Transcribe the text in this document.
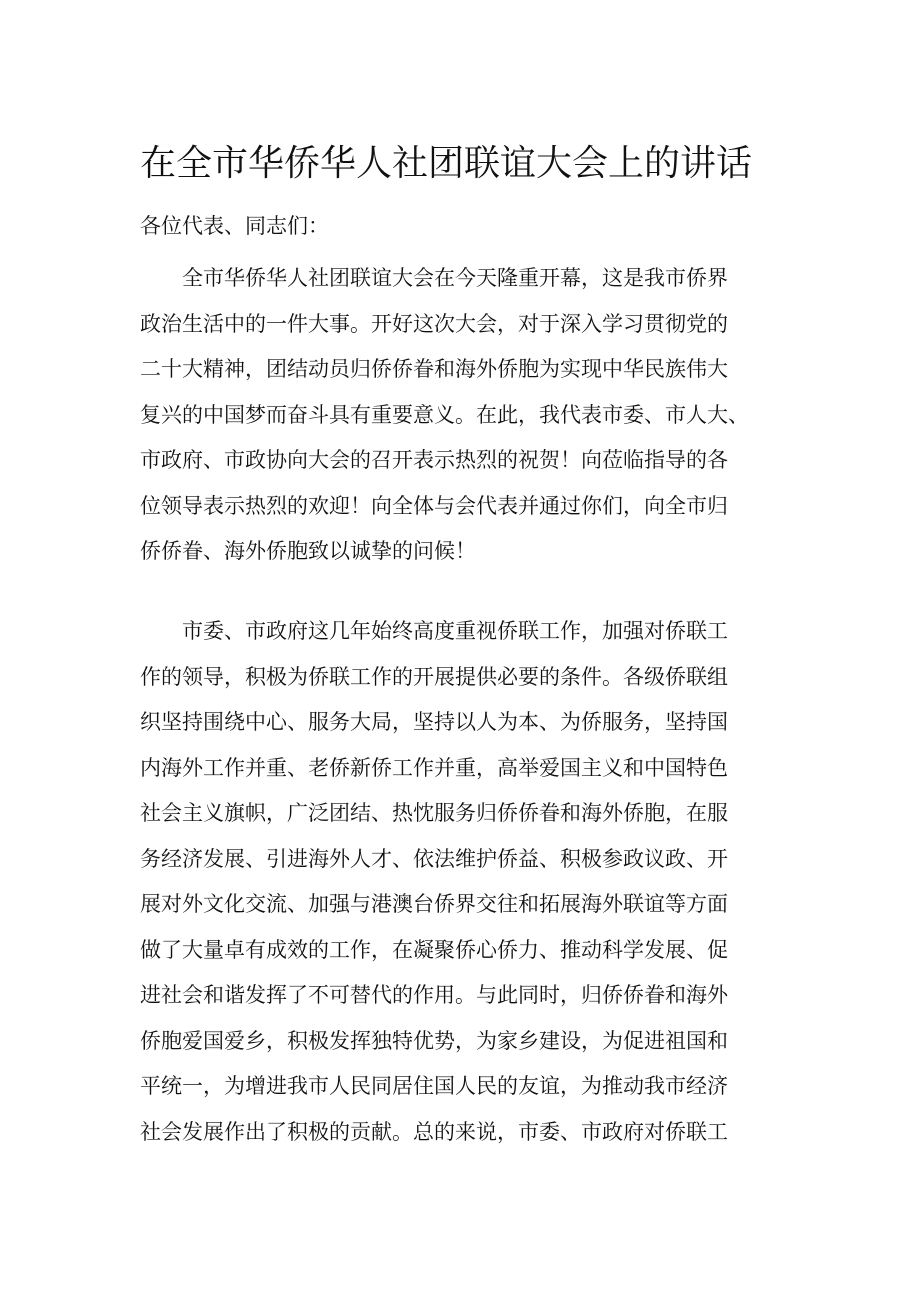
在全市华侨华人社团联谊大会上的讲话

各位代表、同志们：

全市华侨华人社团联谊大会在今天隆重开幕，这是我市侨界
政治生活中的一件大事。开好这次大会，对于深入学习贯彻党的
二十大精神，团结动员归侨侨眷和海外侨胞为实现中华民族伟大
复兴的中国梦而奋斗具有重要意义。在此，我代表市委、市人大、
市政府、市政协向大会的召开表示热烈的祝贺！向莅临指导的各
位领导表示热烈的欢迎！向全体与会代表并通过你们，向全市归
侨侨眷、海外侨胞致以诚挚的问候！
市委、市政府这几年始终高度重视侨联工作，加强对侨联工
作的领导，积极为侨联工作的开展提供必要的条件。各级侨联组
织坚持围绕中心、服务大局，坚持以人为本、为侨服务，坚持国
内海外工作并重、老侨新侨工作并重，高举爱国主义和中国特色
社会主义旗帜，广泛团结、热忱服务归侨侨眷和海外侨胞，在服
务经济发展、引进海外人才、依法维护侨益、积极参政议政、开
展对外文化交流、加强与港澳台侨界交往和拓展海外联谊等方面
做了大量卓有成效的工作，在凝聚侨心侨力、推动科学发展、促
进社会和谐发挥了不可替代的作用。与此同时，归侨侨眷和海外
侨胞爱国爱乡，积极发挥独特优势，为家乡建设，为促进祖国和
平统一，为增进我市人民同居住国人民的友谊，为推动我市经济
社会发展作出了积极的贡献。总的来说，市委、市政府对侨联工
